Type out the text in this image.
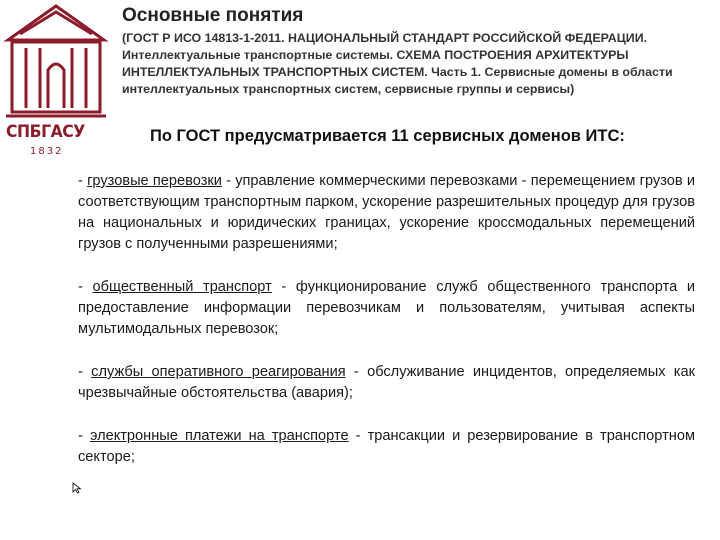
СПБГАСУ
1832
Основные понятия
(ГОСТ Р ИСО 14813-1-2011. НАЦИОНАЛЬНЫЙ СТАНДАРТ РОССИЙСКОЙ ФЕДЕРАЦИИ. Интеллектуальные транспортные системы. СХЕМА ПОСТРОЕНИЯ АРХИТЕКТУРЫ ИНТЕЛЛЕКТУАЛЬНЫХ ТРАНСПОРТНЫХ СИСТЕМ. Часть 1. Сервисные домены в области интеллектуальных транспортных систем, сервисные группы и сервисы)
По ГОСТ предусматривается 11 сервисных доменов ИТС:

- грузовые перевозки - управление коммерческими перевозками - перемещением грузов и соответствующим транспортным парком, ускорение разрешительных процедур для грузов на национальных и юридических границах, ускорение кроссмодальных перемещений грузов с полученными разрешениями;

- общественный транспорт - функционирование служб общественного транспорта и предоставление информации перевозчикам и пользователям, учитывая аспекты мультимодальных перевозок;

- службы оперативного реагирования - обслуживание инцидентов, определяемых как чрезвычайные обстоятельства (авария);

- электронные платежи на транспорте - трансакции и резервирование в транспортном секторе;
